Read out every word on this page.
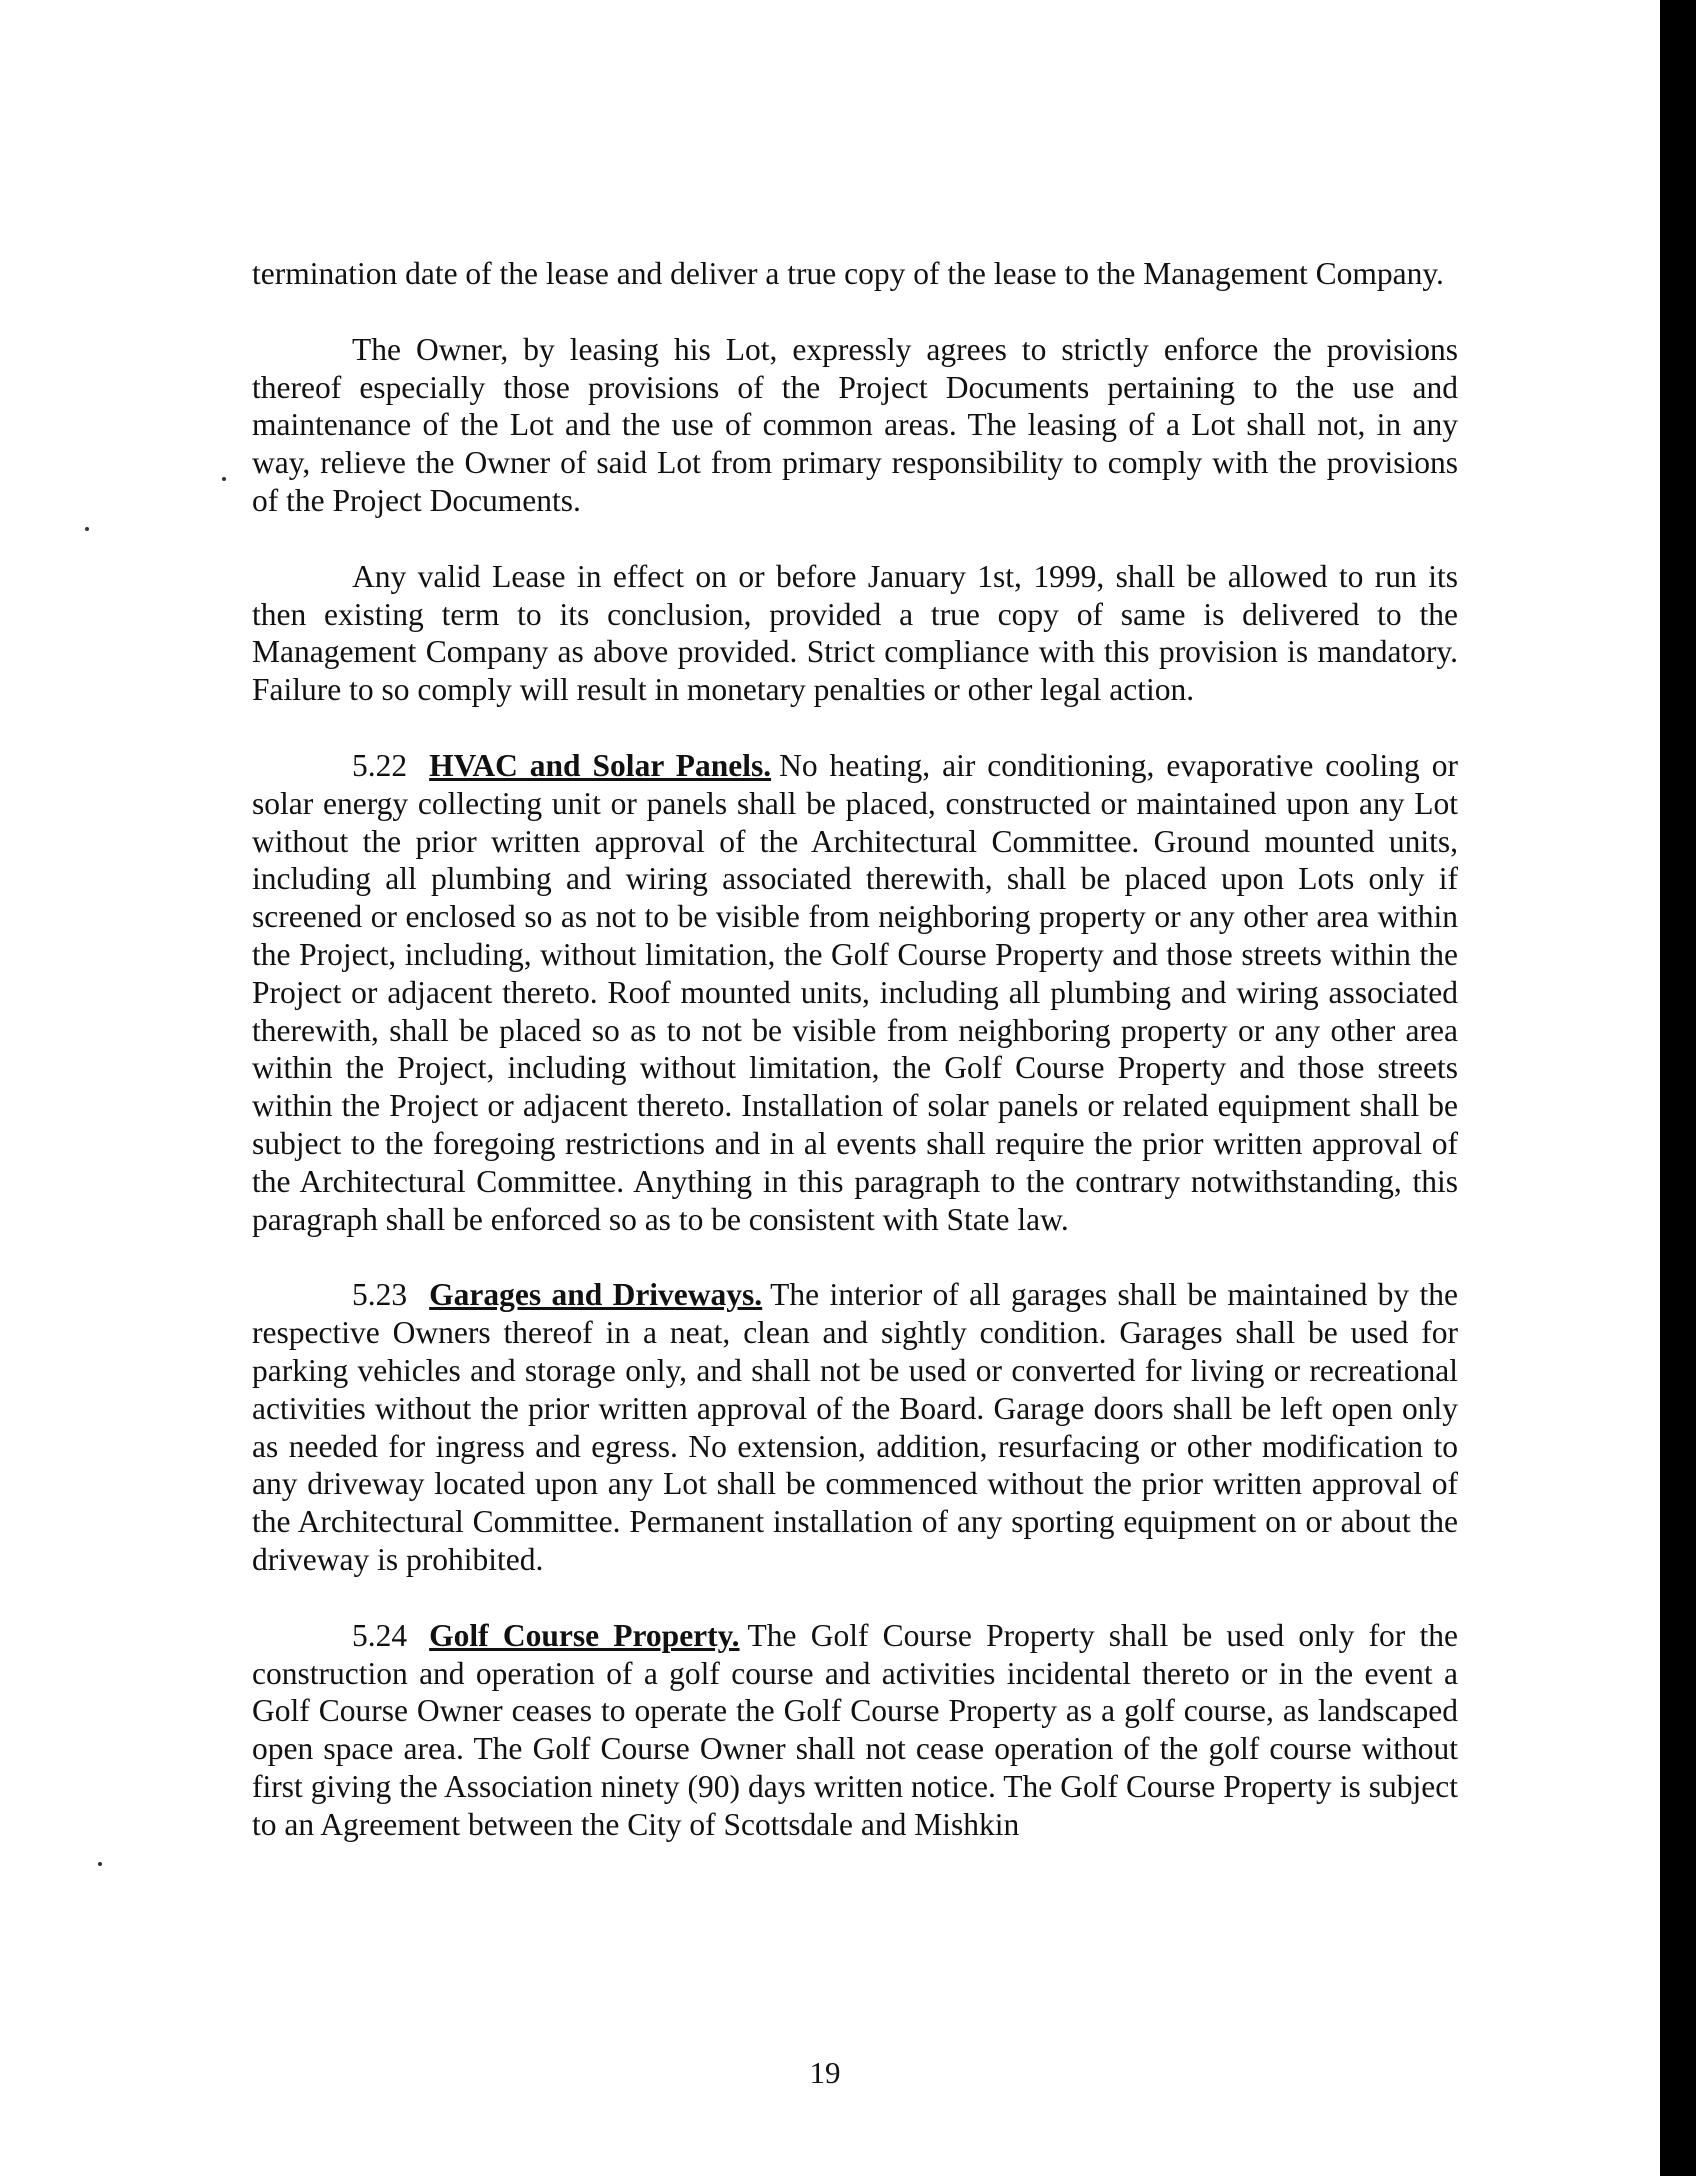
termination date of the lease and deliver a true copy of the lease to the Management Company.

The Owner, by leasing his Lot, expressly agrees to strictly enforce the provisions thereof especially those provisions of the Project Documents pertaining to the use and maintenance of the Lot and the use of common areas. The leasing of a Lot shall not, in any way, relieve the Owner of said Lot from primary responsibility to comply with the provisions of the Project Documents.

Any valid Lease in effect on or before January 1st, 1999, shall be allowed to run its then existing term to its conclusion, provided a true copy of same is delivered to the Management Company as above provided. Strict compliance with this provision is mandatory. Failure to so comply will result in monetary penalties or other legal action.

5.22 HVAC and Solar Panels. No heating, air conditioning, evaporative cooling or solar energy collecting unit or panels shall be placed, constructed or maintained upon any Lot without the prior written approval of the Architectural Committee. Ground mounted units, including all plumbing and wiring associated therewith, shall be placed upon Lots only if screened or enclosed so as not to be visible from neighboring property or any other area within the Project, including, without limitation, the Golf Course Property and those streets within the Project or adjacent thereto. Roof mounted units, including all plumbing and wiring associated therewith, shall be placed so as to not be visible from neighboring property or any other area within the Project, including without limitation, the Golf Course Property and those streets within the Project or adjacent thereto. Installation of solar panels or related equipment shall be subject to the foregoing restrictions and in al events shall require the prior written approval of the Architectural Committee. Anything in this paragraph to the contrary notwithstanding, this paragraph shall be enforced so as to be consistent with State law.

5.23 Garages and Driveways. The interior of all garages shall be maintained by the respective Owners thereof in a neat, clean and sightly condition. Garages shall be used for parking vehicles and storage only, and shall not be used or converted for living or recreational activities without the prior written approval of the Board. Garage doors shall be left open only as needed for ingress and egress. No extension, addition, resurfacing or other modification to any driveway located upon any Lot shall be commenced without the prior written approval of the Architectural Committee. Permanent installation of any sporting equipment on or about the driveway is prohibited.

5.24 Golf Course Property. The Golf Course Property shall be used only for the construction and operation of a golf course and activities incidental thereto or in the event a Golf Course Owner ceases to operate the Golf Course Property as a golf course, as landscaped open space area. The Golf Course Owner shall not cease operation of the golf course without first giving the Association ninety (90) days written notice. The Golf Course Property is subject to an Agreement between the City of Scottsdale and Mishkin

19
